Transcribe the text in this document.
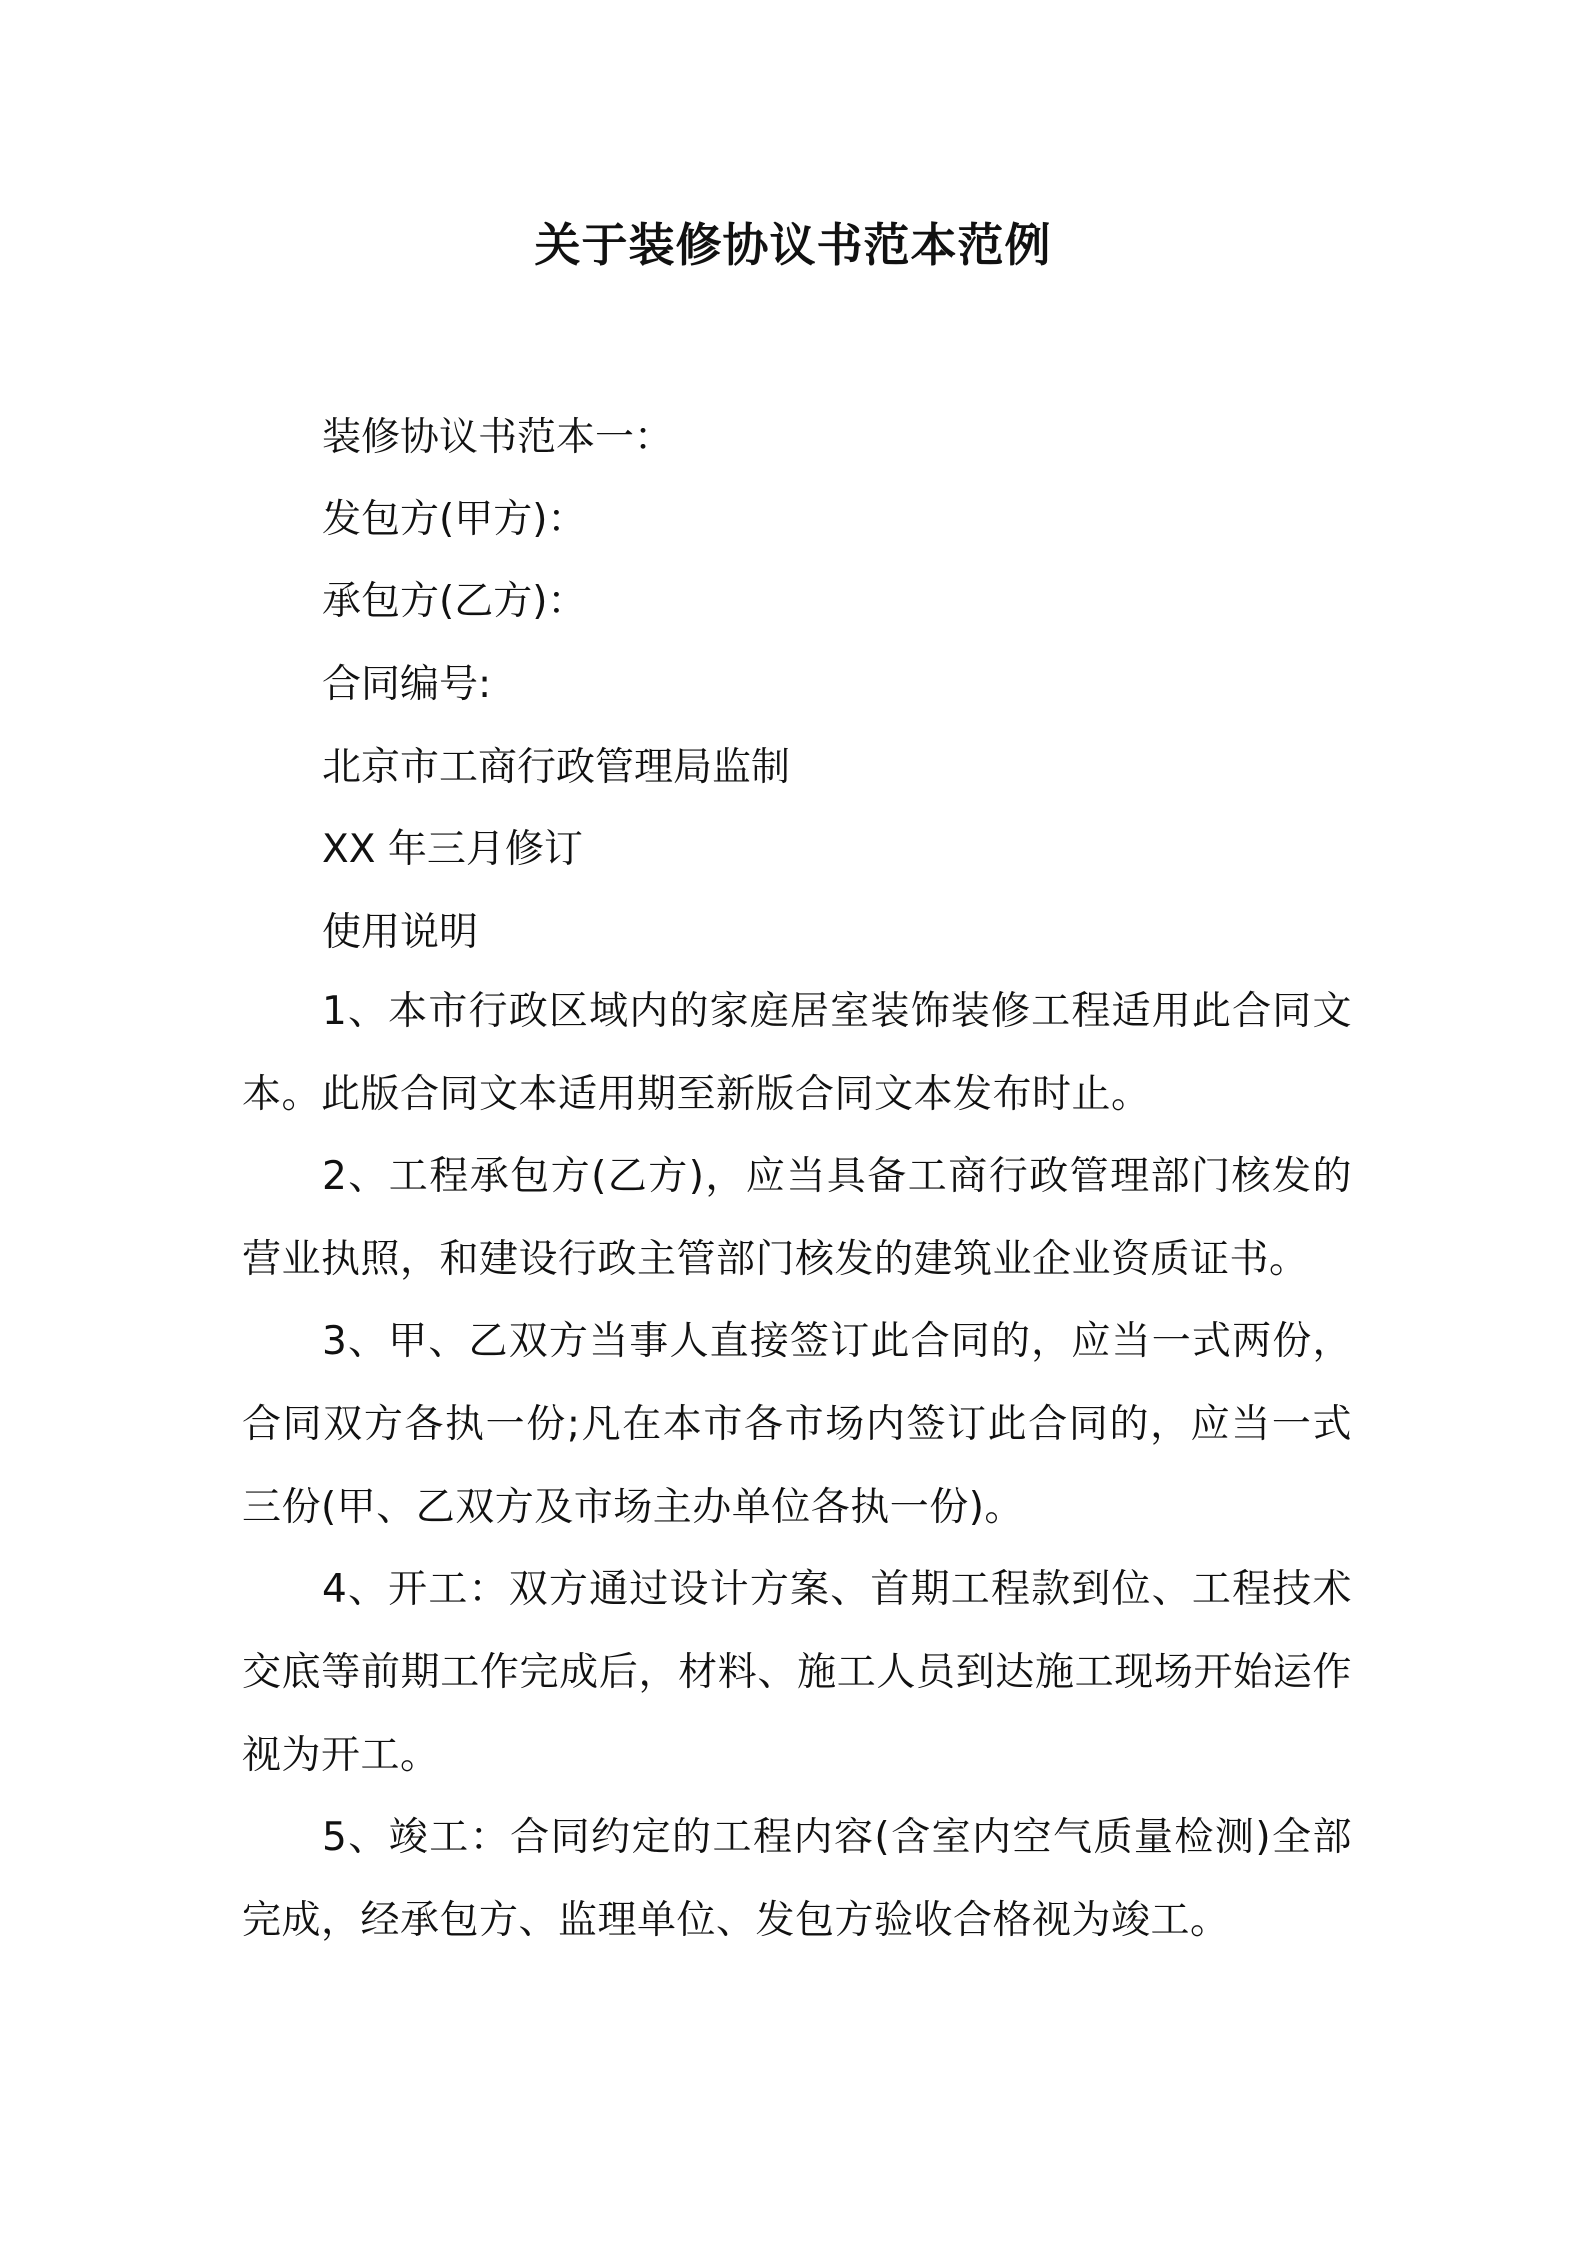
关于装修协议书范本范例
装修协议书范本一：
发包方(甲方)：
承包方(乙方)：
合同编号:
北京市工商行政管理局监制
XX 年三月修订
使用说明
1、本市行政区域内的家庭居室装饰装修工程适用此合同文本。此版合同文本适用期至新版合同文本发布时止。
2、工程承包方(乙方)，应当具备工商行政管理部门核发的营业执照，和建设行政主管部门核发的建筑业企业资质证书。
3、甲、乙双方当事人直接签订此合同的，应当一式两份，合同双方各执一份;凡在本市各市场内签订此合同的，应当一式三份(甲、乙双方及市场主办单位各执一份)。
4、开工：双方通过设计方案、首期工程款到位、工程技术交底等前期工作完成后，材料、施工人员到达施工现场开始运作视为开工。
5、竣工：合同约定的工程内容(含室内空气质量检测)全部完成，经承包方、监理单位、发包方验收合格视为竣工。
